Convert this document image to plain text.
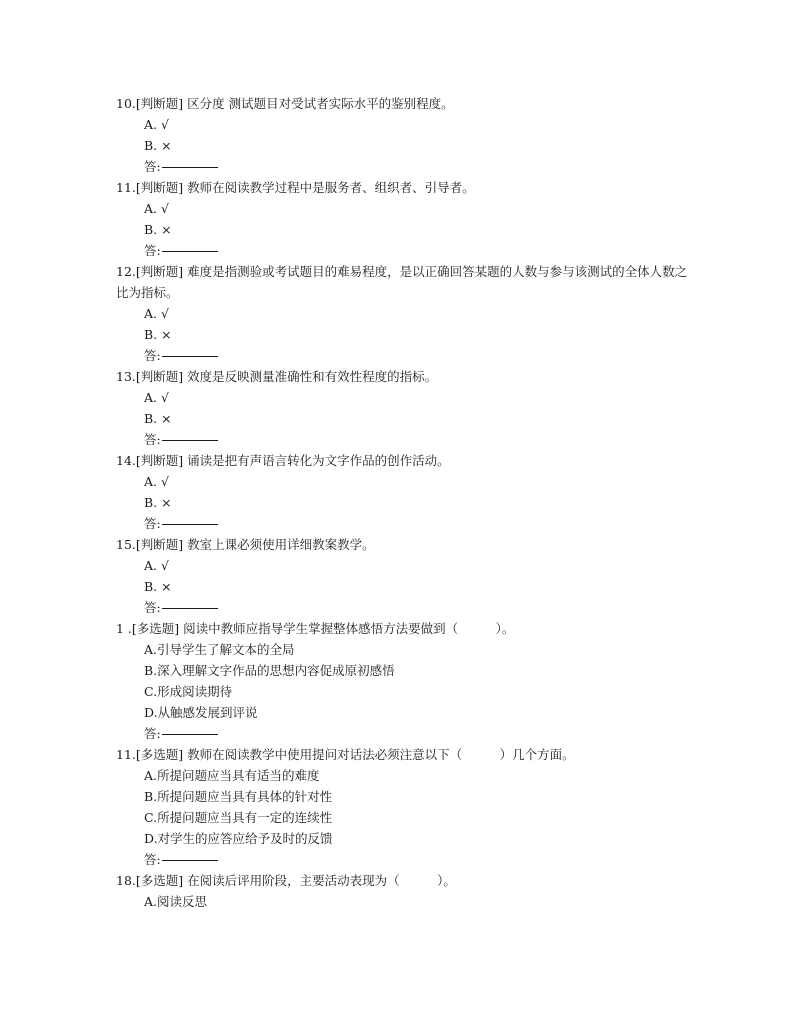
10.[判断题] 区分度 测试题目对受试者实际水平的鉴别程度。
A. √
B. ×
答:
11.[判断题] 教师在阅读教学过程中是服务者、组织者、引导者。
A. √
B. ×
答:
12.[判断题] 难度是指测验或考试题目的难易程度，是以正确回答某题的人数与参与该测试的全体人数之比为指标。
A. √
B. ×
答:
13.[判断题] 效度是反映测量准确性和有效性程度的指标。
A. √
B. ×
答:
14.[判断题] 诵读是把有声语言转化为文字作品的创作活动。
A. √
B. ×
答:
15.[判断题] 教室上课必须使用详细教案教学。
A. √
B. ×
答:
1 .[多选题] 阅读中教师应指导学生掌握整体感悟方法要做到（　　　）。
A.引导学生了解文本的全局
B.深入理解文字作品的思想内容促成原初感悟
C.形成阅读期待
D.从触感发展到评说
答:
11.[多选题] 教师在阅读教学中使用提问对话法必须注意以下（　　　）几个方面。
A.所提问题应当具有适当的难度
B.所提问题应当具有具体的针对性
C.所提问题应当具有一定的连续性
D.对学生的应答应给予及时的反馈
答:
18.[多选题] 在阅读后评用阶段，主要活动表现为（　　　）。
A.阅读反思
